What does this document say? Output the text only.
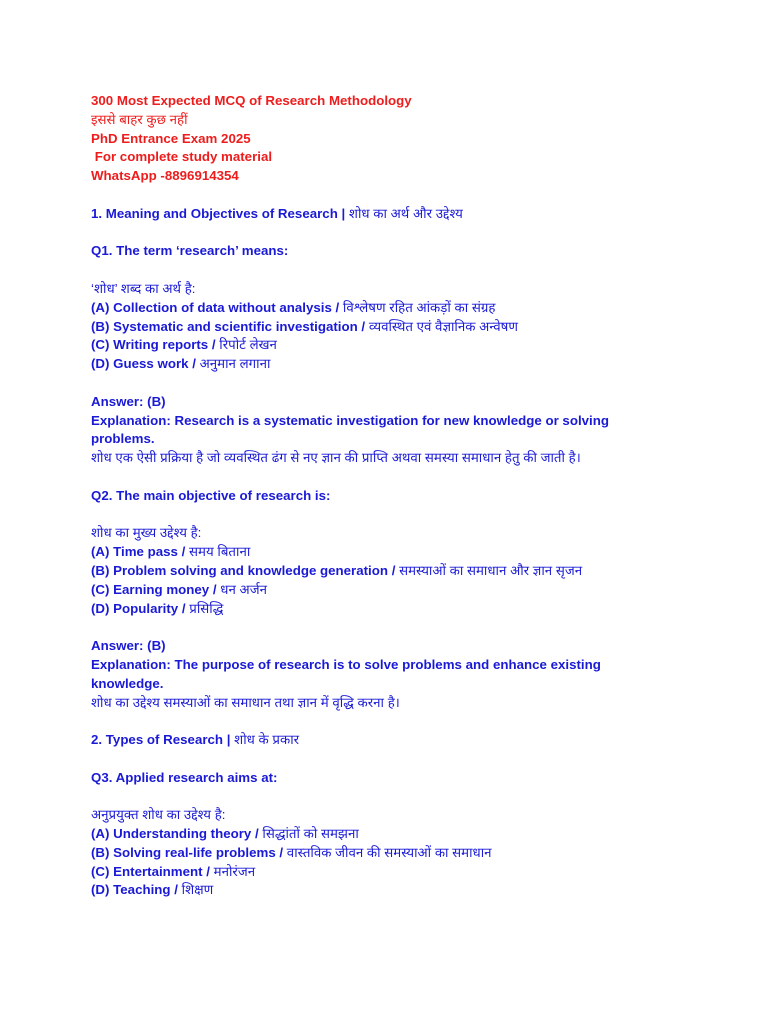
300 Most Expected MCQ of Research Methodology
इससे बाहर कुछ नहीं
PhD Entrance Exam 2025
For complete study material
WhatsApp -8896914354
1. Meaning and Objectives of Research | शोध का अर्थ और उद्देश्य
Q1. The term ‘research’ means:
‘शोध’ शब्द का अर्थ है:
(A) Collection of data without analysis / विश्लेषण रहित आंकड़ों का संग्रह
(B) Systematic and scientific investigation / व्यवस्थित एवं वैज्ञानिक अन्वेषण
(C) Writing reports / रिपोर्ट लेखन
(D) Guess work / अनुमान लगाना
Answer: (B)
Explanation: Research is a systematic investigation for new knowledge or solving problems.
शोध एक ऐसी प्रक्रिया है जो व्यवस्थित ढंग से नए ज्ञान की प्राप्ति अथवा समस्या समाधान हेतु की जाती है।
Q2. The main objective of research is:
शोध का मुख्य उद्देश्य है:
(A) Time pass / समय बिताना
(B) Problem solving and knowledge generation / समस्याओं का समाधान और ज्ञान सृजन
(C) Earning money / धन अर्जन
(D) Popularity / प्रसिद्धि
Answer: (B)
Explanation: The purpose of research is to solve problems and enhance existing knowledge.
शोध का उद्देश्य समस्याओं का समाधान तथा ज्ञान में वृद्धि करना है।
2. Types of Research | शोध के प्रकार
Q3. Applied research aims at:
अनुप्रयुक्त शोध का उद्देश्य है:
(A) Understanding theory / सिद्धांतों को समझना
(B) Solving real-life problems / वास्तविक जीवन की समस्याओं का समाधान
(C) Entertainment / मनोरंजन
(D) Teaching / शिक्षण
